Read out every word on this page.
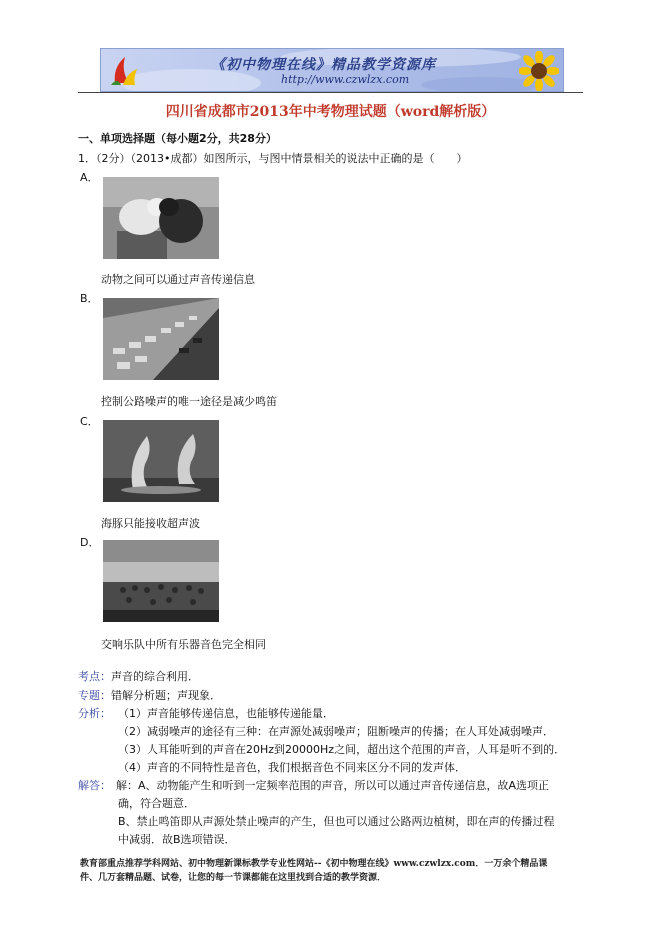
《初中物理在线》精品教学资源库
http://www.czwlzx.com
四川省成都市2013年中考物理试题（word解析版）
一、单项选择题（每小题2分，共28分）
1．（2分）（2013•成都）如图所示，与图中情景相关的说法中正确的是（　　）
A．
动物之间可以通过声音传递信息
B．
控制公路噪声的唯一途径是减少鸣笛
C．
海豚只能接收超声波
D．
交响乐队中所有乐器音色完全相同
考点：声音的综合利用．
专题：错解分析题；声现象．
分析： （1）声音能够传递信息，也能够传递能量．
（2）减弱噪声的途径有三种：在声源处减弱噪声；阻断噪声的传播；在人耳处减弱噪声．
（3）人耳能听到的声音在20Hz到20000Hz之间，超出这个范围的声音，人耳是听不到的．
（4）声音的不同特性是音色，我们根据音色不同来区分不同的发声体．
解答： 解：A、动物能产生和听到一定频率范围的声音，所以可以通过声音传递信息，故A选项正
确，符合题意．
B、禁止鸣笛即从声源处禁止噪声的产生，但也可以通过公路两边植树，即在声的传播过程
中减弱．故B选项错误．
教育部重点推荐学科网站、初中物理新课标教学专业性网站--《初中物理在线》www.czwlzx.com．一万余个精品课
件、几万套精品题、试卷，让您的每一节课都能在这里找到合适的教学资源．
